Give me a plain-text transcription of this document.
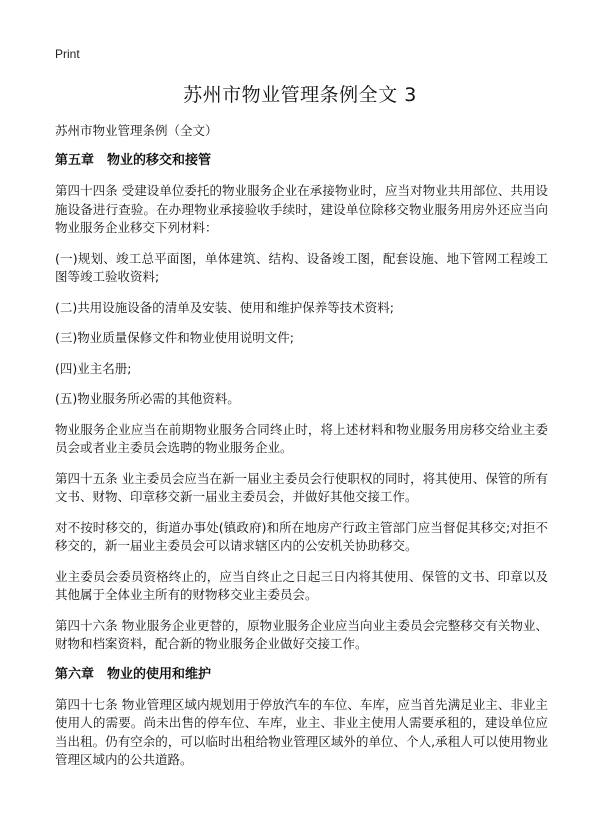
Print
苏州市物业管理条例全文 3

苏州市物业管理条例（全文）

第五章　物业的移交和接管

第四十四条 受建设单位委托的物业服务企业在承接物业时，应当对物业共用部位、共用设施设备进行查验。在办理物业承接验收手续时，建设单位除移交物业服务用房外还应当向物业服务企业移交下列材料：

(一)规划、竣工总平面图，单体建筑、结构、设备竣工图，配套设施、地下管网工程竣工图等竣工验收资料;

(二)共用设施设备的清单及安装、使用和维护保养等技术资料;

(三)物业质量保修文件和物业使用说明文件;

(四)业主名册;

(五)物业服务所必需的其他资料。

物业服务企业应当在前期物业服务合同终止时，将上述材料和物业服务用房移交给业主委员会或者业主委员会选聘的物业服务企业。

第四十五条 业主委员会应当在新一届业主委员会行使职权的同时，将其使用、保管的所有文书、财物、印章移交新一届业主委员会，并做好其他交接工作。

对不按时移交的，街道办事处(镇政府)和所在地房产行政主管部门应当督促其移交;对拒不移交的，新一届业主委员会可以请求辖区内的公安机关协助移交。

业主委员会委员资格终止的，应当自终止之日起三日内将其使用、保管的文书、印章以及其他属于全体业主所有的财物移交业主委员会。

第四十六条 物业服务企业更替的，原物业服务企业应当向业主委员会完整移交有关物业、财物和档案资料，配合新的物业服务企业做好交接工作。

第六章　物业的使用和维护

第四十七条 物业管理区域内规划用于停放汽车的车位、车库，应当首先满足业主、非业主使用人的需要。尚未出售的停车位、车库，业主、非业主使用人需要承租的，建设单位应当出租。仍有空余的，可以临时出租给物业管理区域外的单位、个人,承租人可以使用物业管理区域内的公共道路。
